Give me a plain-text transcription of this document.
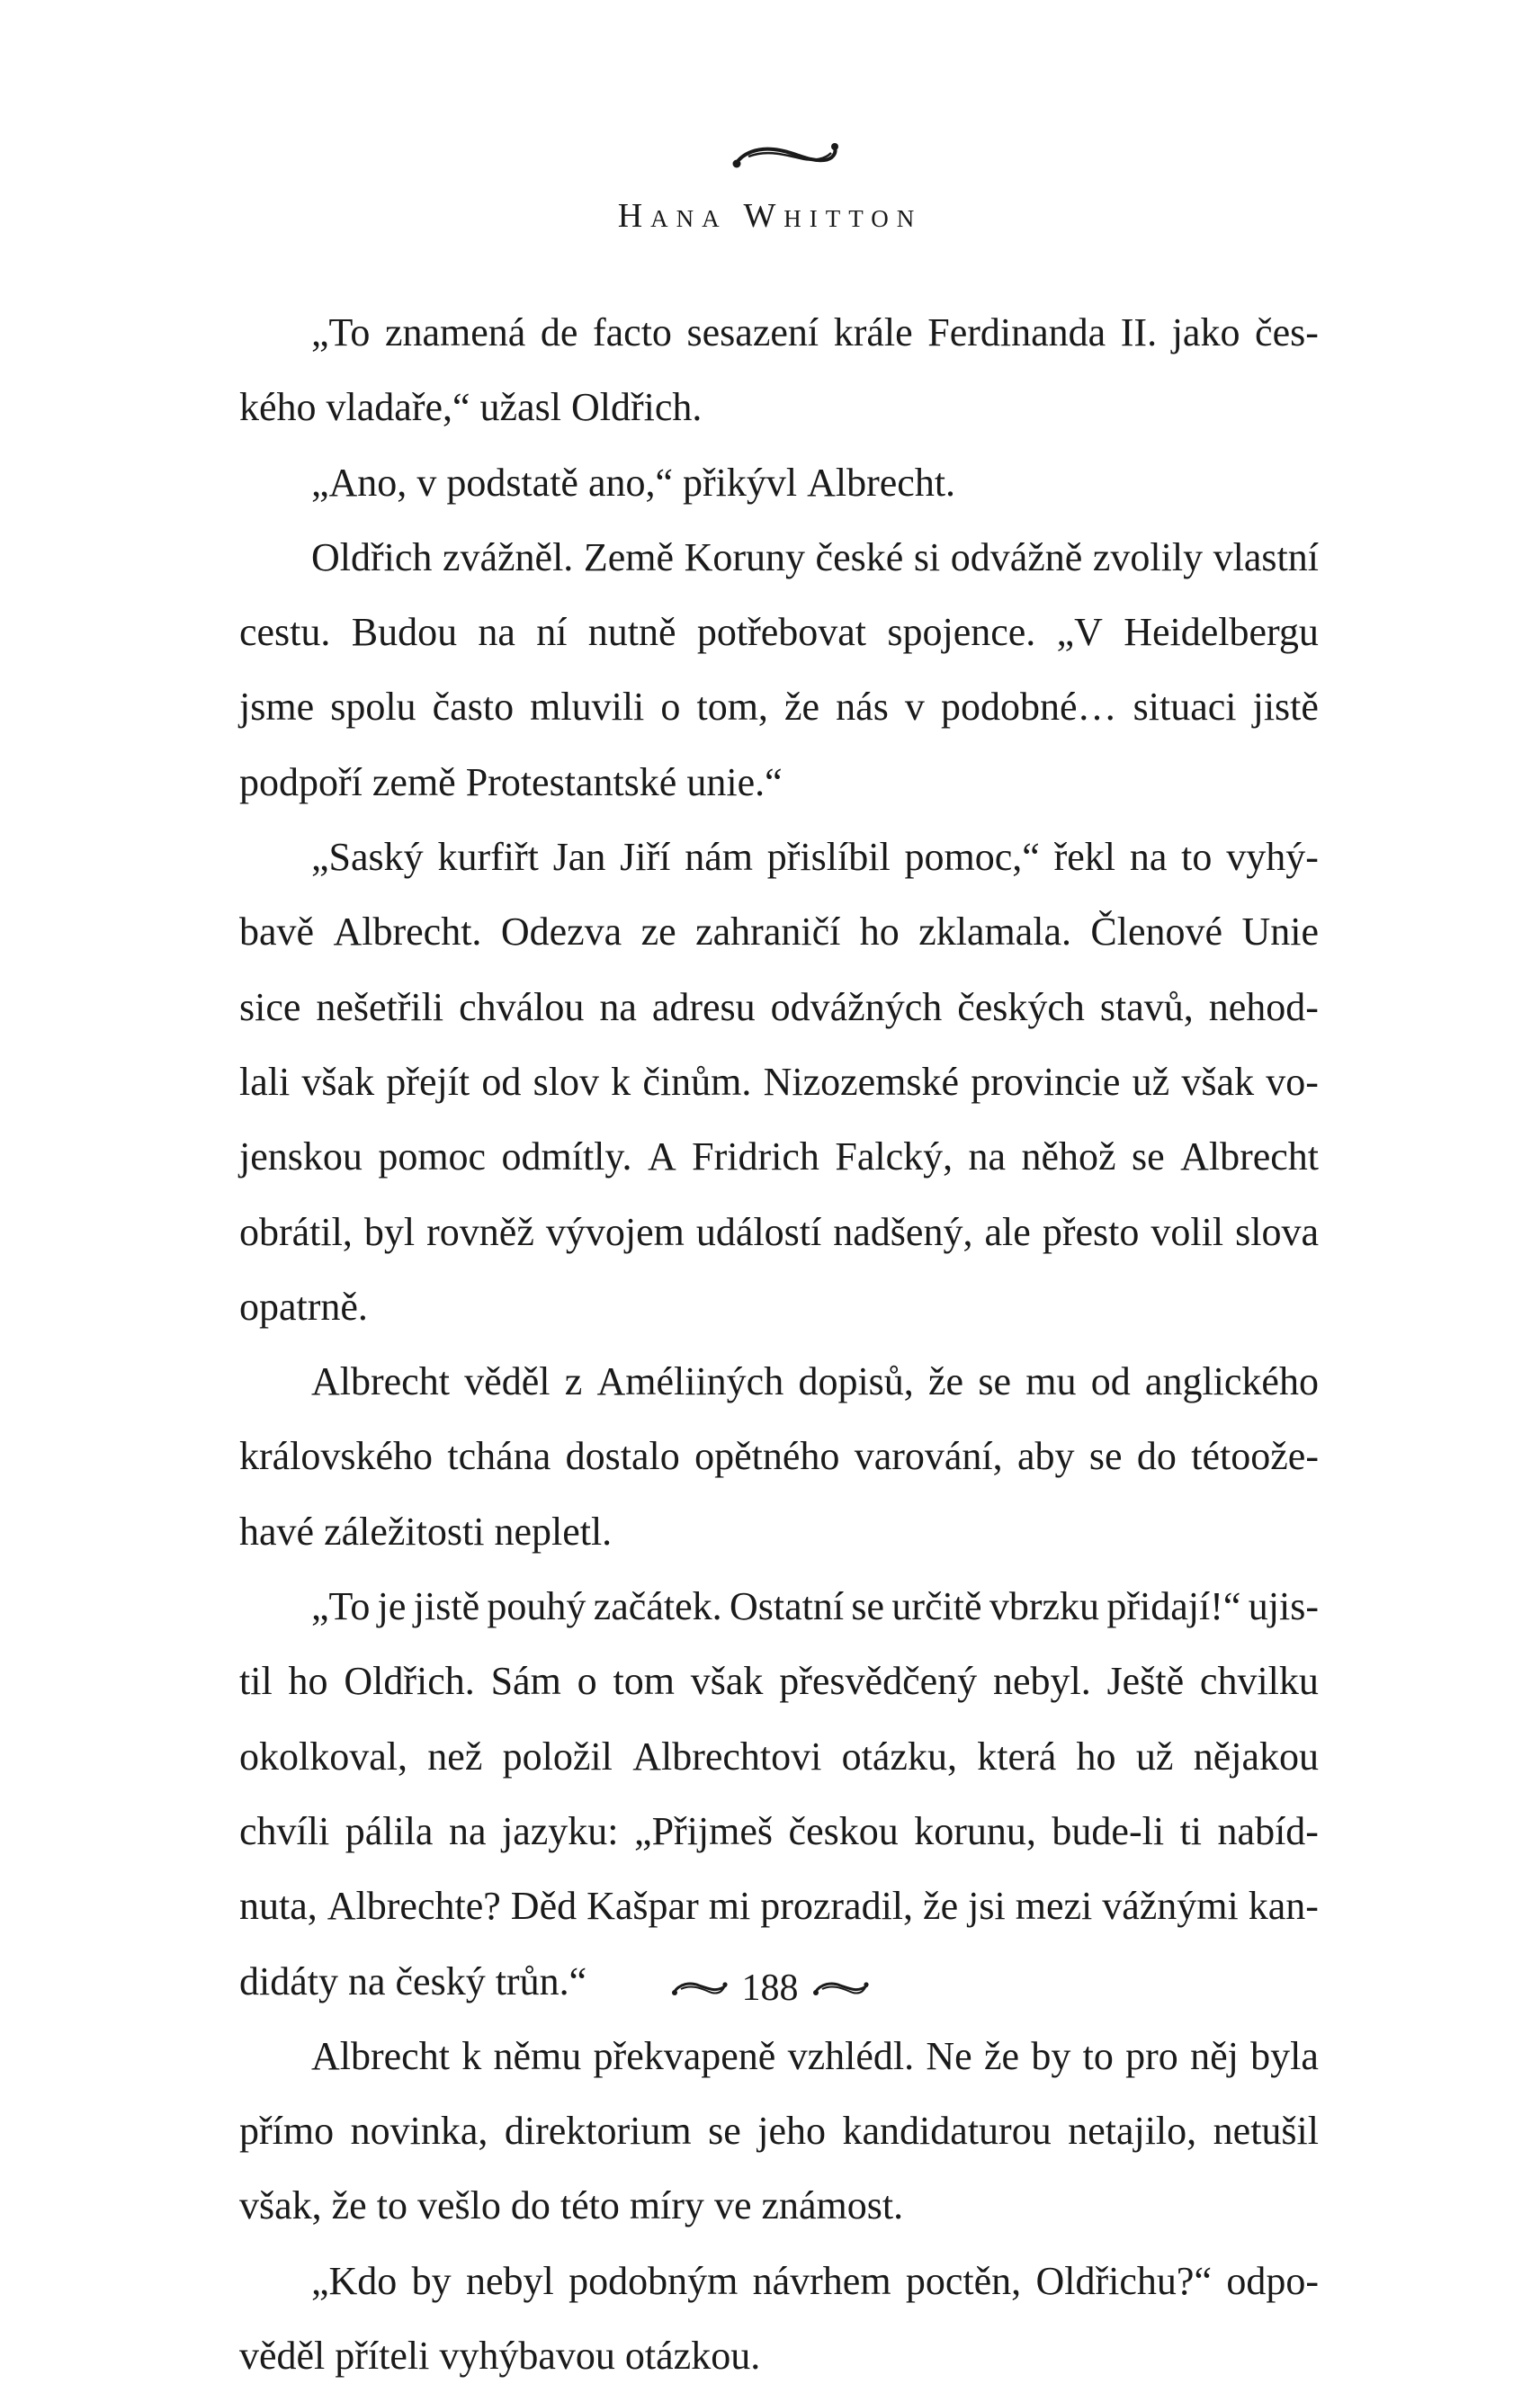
Hana Whitton
„To znamená de facto sesazení krále Ferdinanda II. jako čes-
kého vladaře,“ užasl Oldřich.
„Ano, v podstatě ano,“ přikývl Albrecht.
Oldřich zvážněl. Země Koruny české si odvážně zvolily vlastní
cestu. Budou na ní nutně potřebovat spojence. „V Heidelbergu
jsme spolu často mluvili o tom, že nás v podobné… situaci jistě
podpoří země Protestantské unie.“
„Saský kurfiřt Jan Jiří nám přislíbil pomoc,“ řekl na to vyhý-
bavě Albrecht. Odezva ze zahraničí ho zklamala. Členové Unie
sice nešetřili chválou na adresu odvážných českých stavů, nehod-
lali však přejít od slov k činům. Nizozemské provincie už však vo-
jenskou pomoc odmítly. A Fridrich Falcký, na něhož se Albrecht
obrátil, byl rovněž vývojem událostí nadšený, ale přesto volil slova
opatrně.
Albrecht věděl z Améliiných dopisů, že se mu od anglického
královského tchána dostalo opětného varování, aby se do tétoože-
havé záležitosti nepletl.
„To je jistě pouhý začátek. Ostatní se určitě vbrzku přidají!“ ujis-
til ho Oldřich. Sám o tom však přesvědčený nebyl. Ještě chvilku
okolkoval, než položil Albrechtovi otázku, která ho už nějakou
chvíli pálila na jazyku: „Přijmeš českou korunu, bude-li ti nabíd-
nuta, Albrechte? Děd Kašpar mi prozradil, že jsi mezi vážnými kan-
didáty na český trůn.“
Albrecht k němu překvapeně vzhlédl. Ne že by to pro něj byla
přímo novinka, direktorium se jeho kandidaturou netajilo, netušil
však, že to vešlo do této míry ve známost.
„Kdo by nebyl podobným návrhem poctěn, Oldřichu?“ odpo-
věděl příteli vyhýbavou otázkou.
188
